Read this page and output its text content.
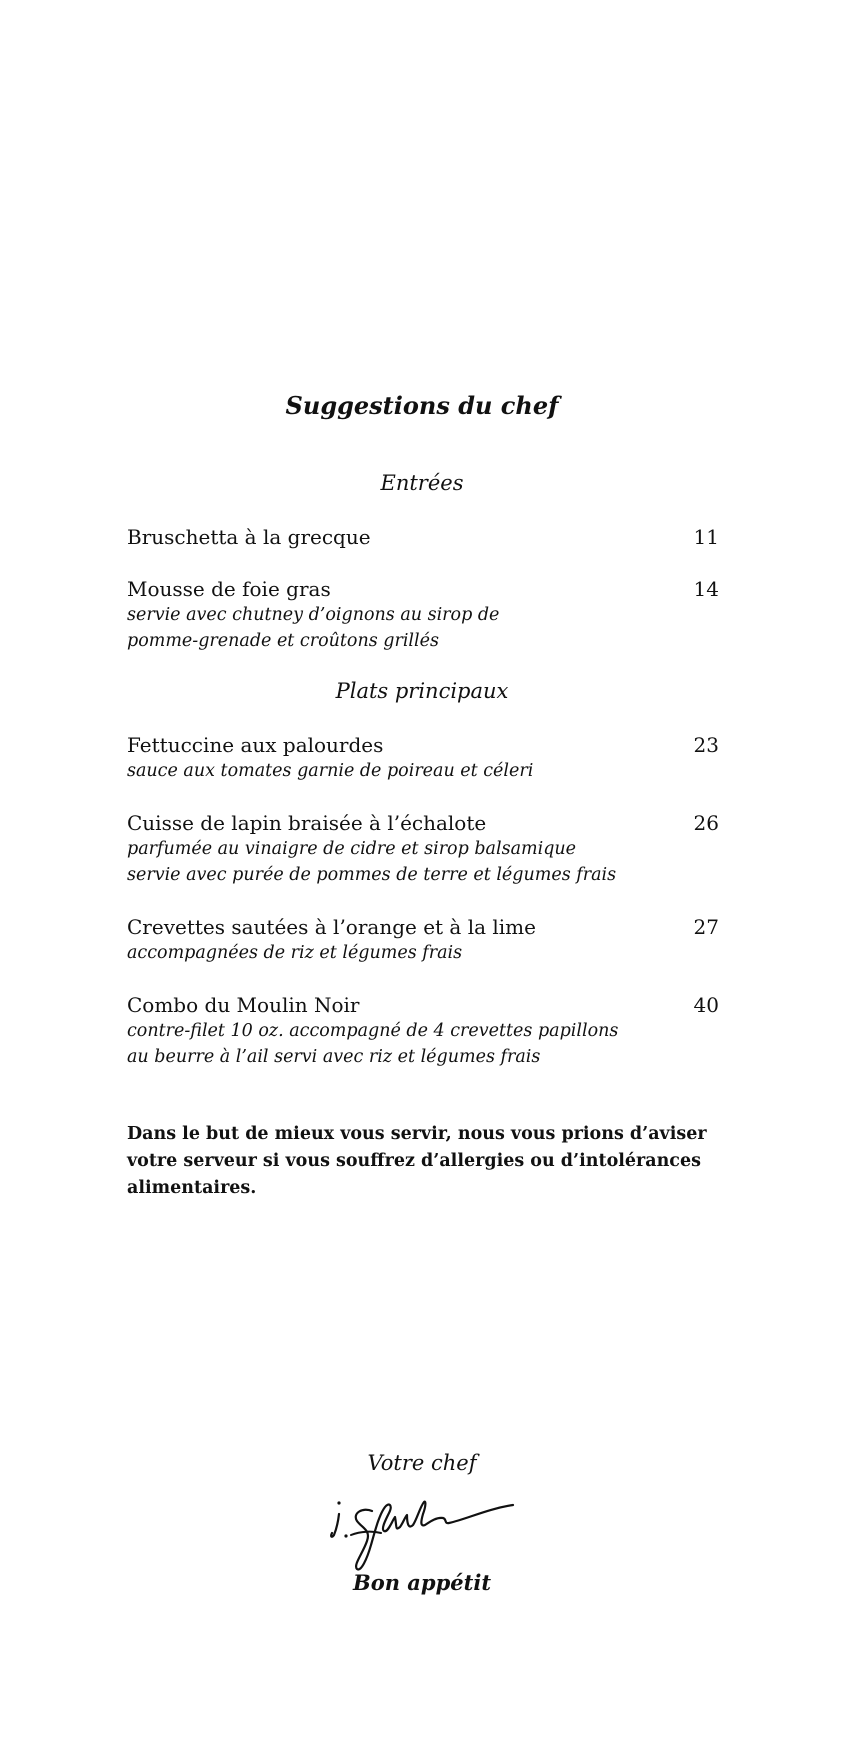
Suggestions du chef
Entrées
Bruschetta à la grecque	11
Mousse de foie gras	14
servie avec chutney d’oignons au sirop de pomme-grenade et croûtons grillés
Plats principaux
Fettuccine aux palourdes	23
sauce aux tomates garnie de poireau et céleri
Cuisse de lapin braisée à l’échalote	26
parfumée au vinaigre de cidre et sirop balsamique servie avec purée de pommes de terre et légumes frais
Crevettes sautées à l’orange et à la lime	27
accompagnées de riz et légumes frais
Combo du Moulin Noir	40
contre-filet 10 oz. accompagné de 4 crevettes papillons au beurre à l’ail servi avec riz et légumes frais
Dans le but de mieux vous servir, nous vous prions d’aviser votre serveur si vous souffrez d’allergies ou d’intolérances alimentaires.
Votre chef
Bon appétit
